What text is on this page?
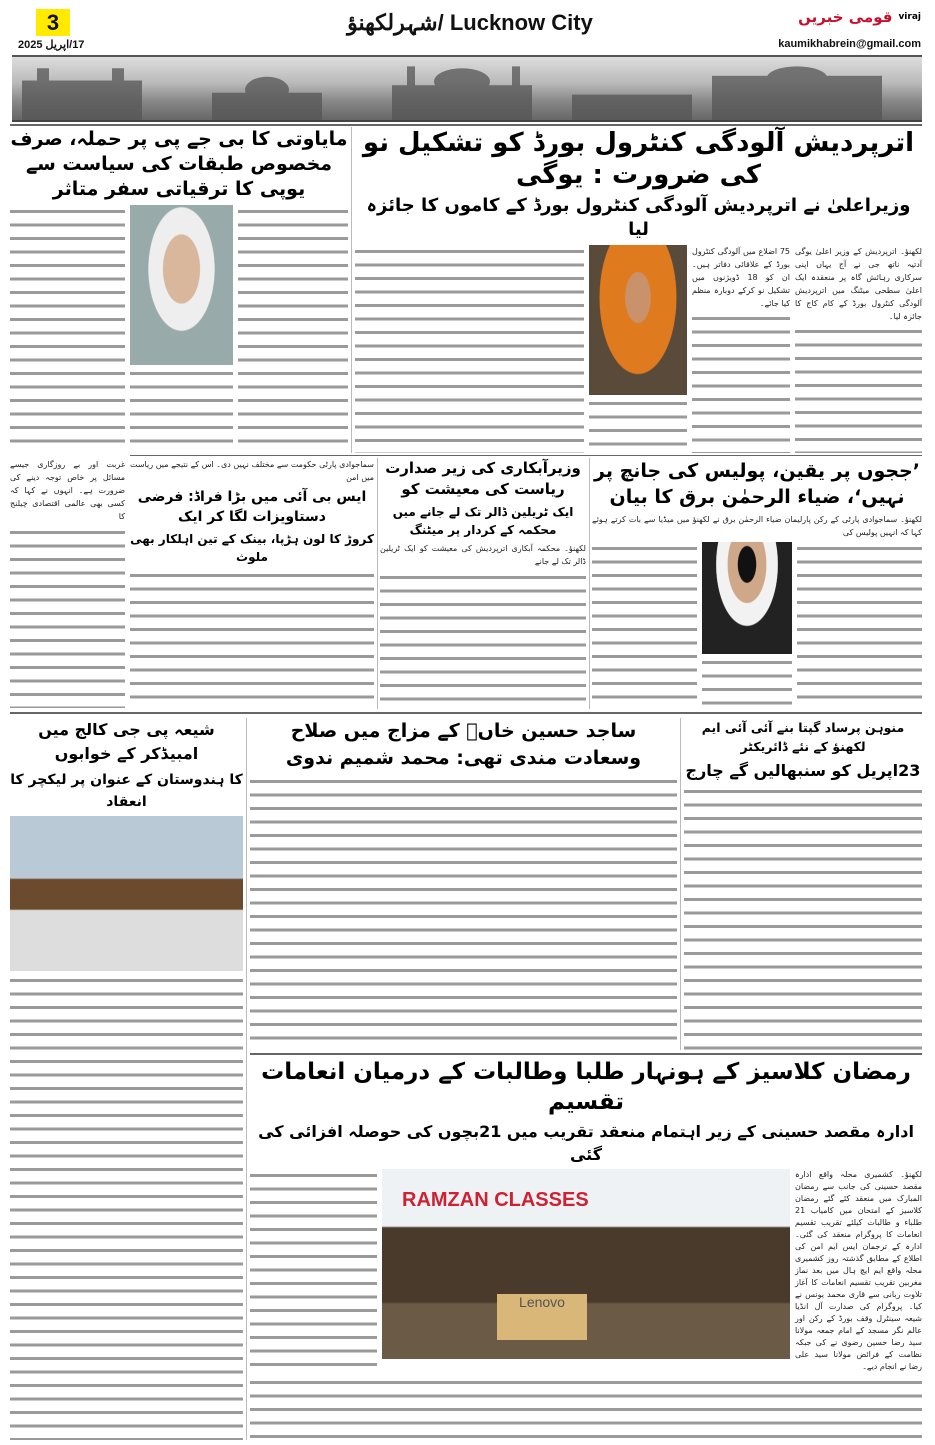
3
17/اپریل 2025
شہرلکھنؤ/ Lucknow City	قومی خبریں viraj
kaumikhabrein@gmail.com
اترپردیش آلودگی کنٹرول بورڈ کو تشکیل نو کی ضرورت : یوگی
وزیراعلیٰ نے اترپردیش آلودگی کنٹرول بورڈ کے کاموں کا جائزہ لیا
لکھنؤ۔ اترپردیش کے وزیر اعلیٰ یوگی آدتیہ ناتھ جی نے آج یہاں اپنی سرکاری رہائش گاہ پر منعقدہ ایک اعلیٰ سطحی میٹنگ میں اترپردیش آلودگی کنٹرول بورڈ کے کام کاج کا جائزہ لیا۔
75 اضلاع میں آلودگی کنٹرول بورڈ کے علاقائی دفاتر ہیں۔ ان کو 18 ڈویژنوں میں تشکیل نو کرکے دوبارہ منظم کیا جائے۔
مایاوتی کا بی جے پی پر حملہ، صرف مخصوص طبقات کی سیاست سے یوپی کا ترقیاتی سفر متاثر
غربت اور بے روزگاری جیسے مسائل پر خاص توجہ دینے کی ضرورت ہے۔ انہوں نے کہا کہ کسی بھی عالمی اقتصادی چیلنج کا
’ججوں پر یقین، پولیس کی جانچ پر نہیں‘، ضیاء الرحمٰن برق کا بیان
لکھنؤ۔ سماجوادی پارٹی کے رکن پارلیمان ضیاء الرحمٰن برق نے لکھنؤ میں میڈیا سے بات کرتے ہوئے کہا کہ انہیں پولیس کی
وزیرآبکاری کی زیر صدارت ریاست کی معیشت کو
ایک ٹریلین ڈالر تک لے جانے میں محکمہ کے کردار پر میٹنگ
لکھنؤ۔ محکمہ آبکاری اترپردیش کی معیشت کو ایک ٹریلین ڈالر تک لے جانے
سماجوادی پارٹی حکومت سے مختلف نہیں دی۔ اس کے نتیجے میں ریاست میں امن
ایس بی آئی میں بڑا فراڈ: فرضی دستاویزات لگا کر ایک
کروڑ کا لون ہڑپا، بینک کے تین اہلکار بھی ملوث
شیعہ پی جی کالج میں امبیڈکر کے خوابوں
کا ہندوستان کے عنوان پر لیکچر کا انعقاد
ساجد حسین خاںؒ کے مزاج میں صلاح وسعادت مندی تھی: محمد شمیم ندوی
منوہن پرساد گپتا بنے آئی آئی ایم لکھنؤ کے نئے ڈائریکٹر
23اپریل کو سنبھالیں گے چارج
رمضان کلاسیز کے ہونہار طلبا وطالبات کے درمیان انعامات تقسیم
ادارہ مقصد حسینی کے زیر اہتمام منعقد تقریب میں 21بچوں کی حوصلہ افزائی کی گئی
لکھنؤ۔ کشمیری محلہ واقع ادارہ مقصد حسینی کی جانب سے رمضان المبارک میں منعقد کئے گئے رمضان کلاسیز کے امتحان میں کامیاب 21 طلباء و طالبات کیلئے تقریب تقسیم انعامات کا پروگرام منعقد کی گئی۔ ادارہ کے ترجمان ایس ایم امن کی اطلاع کے مطابق گذشتہ روز کشمیری محلہ واقع ایم ایچ ہال میں بعد نماز مغربین تقریب تقسیم انعامات کا آغاز تلاوت ربانی سے قاری محمد یونس نے کیا۔ پروگرام کی صدارت آل انڈیا شیعہ سینٹرل وقف بورڈ کے رکن اور عالم نگر مسجد کے امام جمعہ مولانا سید رضا حسین رضوی نے کی جبکہ نظامت کے فرائض مولانا سید علی رضا نے انجام دیے۔
RAMZAN CLASSES
Lenovo
